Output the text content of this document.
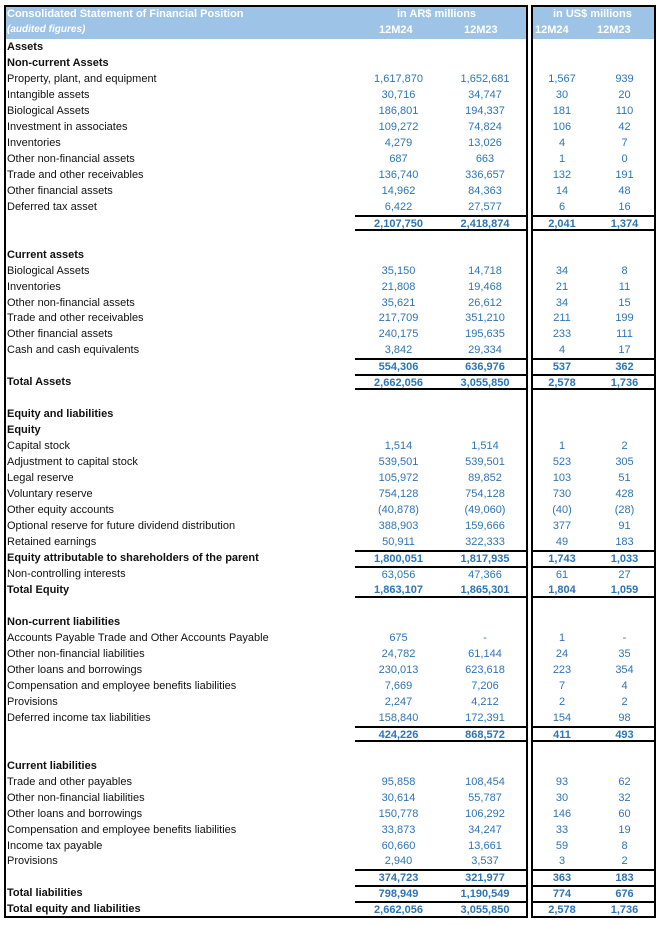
Consolidated Statement of Financial Position
(audited figures)
in AR$ millions
12M24	12M23
in US$ millions
12M24	12M23
Assets
Non-current Assets
Property, plant, and equipment	1,617,870	1,652,681	1,567	939
Intangible assets	30,716	34,747	30	20
Biological Assets	186,801	194,337	181	110
Investment in associates	109,272	74,824	106	42
Inventories	4,279	13,026	4	7
Other non-financial assets	687	663	1	0
Trade and other receivables	136,740	336,657	132	191
Other financial assets	14,962	84,363	14	48
Deferred tax asset	6,422	27,577	6	16
2,107,750	2,418,874	2,041	1,374
Current assets
Biological Assets	35,150	14,718	34	8
Inventories	21,808	19,468	21	11
Other non-financial assets	35,621	26,612	34	15
Trade and other receivables	217,709	351,210	211	199
Other financial assets	240,175	195,635	233	111
Cash and cash equivalents	3,842	29,334	4	17
554,306	636,976	537	362
Total Assets	2,662,056	3,055,850	2,578	1,736
Equity and liabilities
Equity
Capital stock	1,514	1,514	1	2
Adjustment to capital stock	539,501	539,501	523	305
Legal reserve	105,972	89,852	103	51
Voluntary reserve	754,128	754,128	730	428
Other equity accounts	(40,878)	(49,060)	(40)	(28)
Optional reserve for future dividend distribution	388,903	159,666	377	91
Retained earnings	50,911	322,333	49	183
Equity attributable to shareholders of the parent	1,800,051	1,817,935	1,743	1,033
Non-controlling interests	63,056	47,366	61	27
Total Equity	1,863,107	1,865,301	1,804	1,059
Non-current liabilities
Accounts Payable Trade and Other Accounts Payable	675	-	1	-
Other non-financial liabilities	24,782	61,144	24	35
Other loans and borrowings	230,013	623,618	223	354
Compensation and employee benefits liabilities	7,669	7,206	7	4
Provisions	2,247	4,212	2	2
Deferred income tax liabilities	158,840	172,391	154	98
424,226	868,572	411	493
Current liabilities
Trade and other payables	95,858	108,454	93	62
Other non-financial liabilities	30,614	55,787	30	32
Other loans and borrowings	150,778	106,292	146	60
Compensation and employee benefits liabilities	33,873	34,247	33	19
Income tax payable	60,660	13,661	59	8
Provisions	2,940	3,537	3	2
374,723	321,977	363	183
Total liabilities	798,949	1,190,549	774	676
Total equity and liabilities	2,662,056	3,055,850	2,578	1,736
